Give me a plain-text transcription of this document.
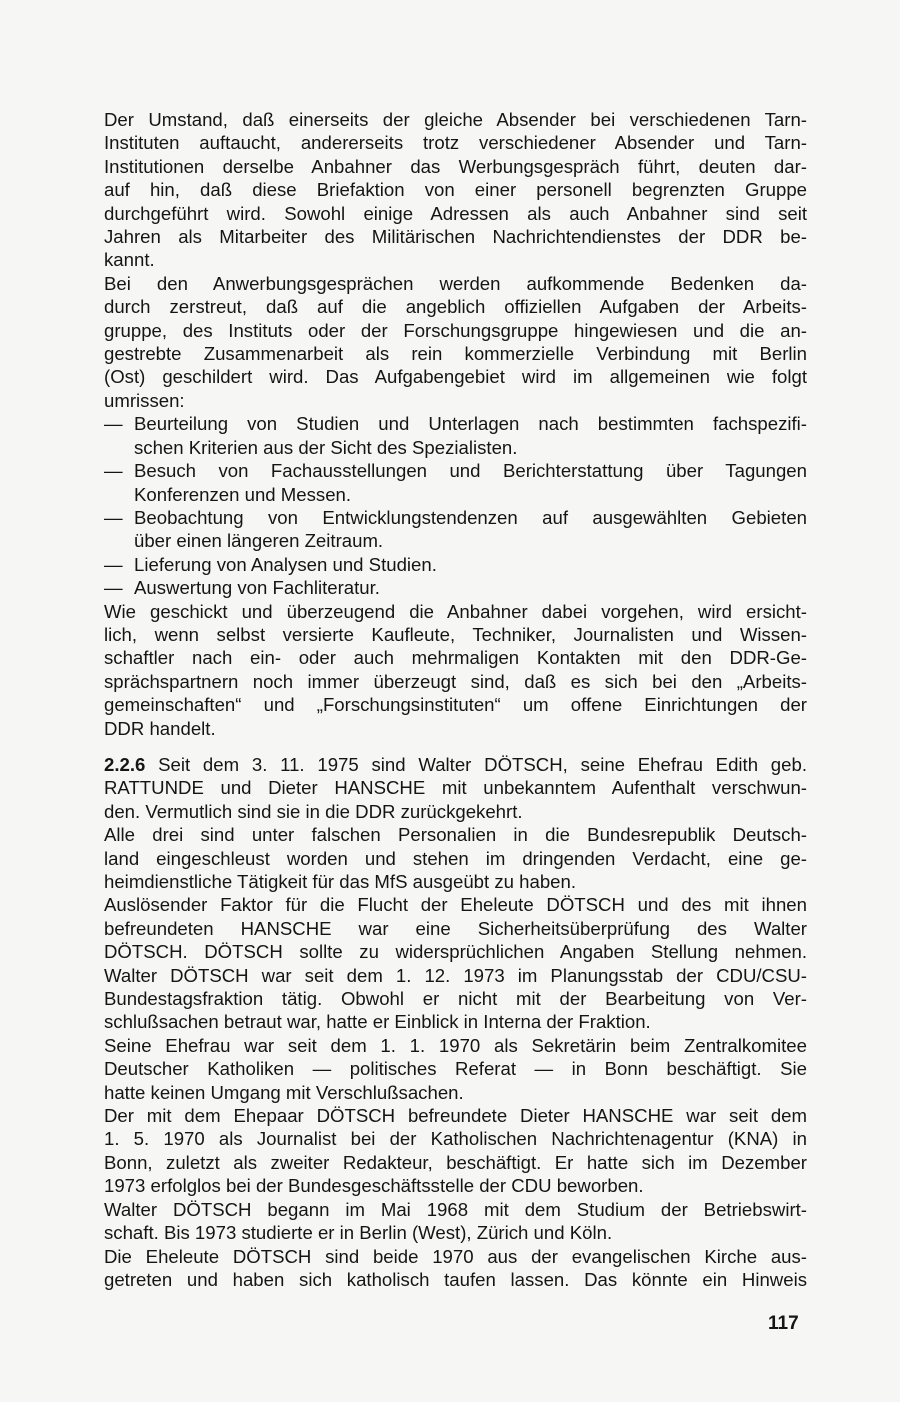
Der Umstand, daß einerseits der gleiche Absender bei verschiedenen Tarn-
Instituten auftaucht, andererseits trotz verschiedener Absender und Tarn-
Institutionen derselbe Anbahner das Werbungsgespräch führt, deuten dar-
auf hin, daß diese Briefaktion von einer personell begrenzten Gruppe
durchgeführt wird. Sowohl einige Adressen als auch Anbahner sind seit
Jahren als Mitarbeiter des Militärischen Nachrichtendienstes der DDR be-
kannt.
Bei den Anwerbungsgesprächen werden aufkommende Bedenken da-
durch zerstreut, daß auf die angeblich offiziellen Aufgaben der Arbeits-
gruppe, des Instituts oder der Forschungsgruppe hingewiesen und die an-
gestrebte Zusammenarbeit als rein kommerzielle Verbindung mit Berlin
(Ost) geschildert wird. Das Aufgabengebiet wird im allgemeinen wie folgt
umrissen:
— Beurteilung von Studien und Unterlagen nach bestimmten fachspezifi-
schen Kriterien aus der Sicht des Spezialisten.
— Besuch von Fachausstellungen und Berichterstattung über Tagungen
Konferenzen und Messen.
— Beobachtung von Entwicklungstendenzen auf ausgewählten Gebieten
über einen längeren Zeitraum.
— Lieferung von Analysen und Studien.
— Auswertung von Fachliteratur.
Wie geschickt und überzeugend die Anbahner dabei vorgehen, wird ersicht-
lich, wenn selbst versierte Kaufleute, Techniker, Journalisten und Wissen-
schaftler nach ein- oder auch mehrmaligen Kontakten mit den DDR-Ge-
sprächspartnern noch immer überzeugt sind, daß es sich bei den „Arbeits-
gemeinschaften“ und „Forschungsinstituten“ um offene Einrichtungen der
DDR handelt.
2.2.6 Seit dem 3. 11. 1975 sind Walter DÖTSCH, seine Ehefrau Edith geb.
RATTUNDE und Dieter HANSCHE mit unbekanntem Aufenthalt verschwun-
den. Vermutlich sind sie in die DDR zurückgekehrt.
Alle drei sind unter falschen Personalien in die Bundesrepublik Deutsch-
land eingeschleust worden und stehen im dringenden Verdacht, eine ge-
heimdienstliche Tätigkeit für das MfS ausgeübt zu haben.
Auslösender Faktor für die Flucht der Eheleute DÖTSCH und des mit ihnen
befreundeten HANSCHE war eine Sicherheitsüberprüfung des Walter
DÖTSCH. DÖTSCH sollte zu widersprüchlichen Angaben Stellung nehmen.
Walter DÖTSCH war seit dem 1. 12. 1973 im Planungsstab der CDU/CSU-
Bundestagsfraktion tätig. Obwohl er nicht mit der Bearbeitung von Ver-
schlußsachen betraut war, hatte er Einblick in Interna der Fraktion.
Seine Ehefrau war seit dem 1. 1. 1970 als Sekretärin beim Zentralkomitee
Deutscher Katholiken — politisches Referat — in Bonn beschäftigt. Sie
hatte keinen Umgang mit Verschlußsachen.
Der mit dem Ehepaar DÖTSCH befreundete Dieter HANSCHE war seit dem
1. 5. 1970 als Journalist bei der Katholischen Nachrichtenagentur (KNA) in
Bonn, zuletzt als zweiter Redakteur, beschäftigt. Er hatte sich im Dezember
1973 erfolglos bei der Bundesgeschäftsstelle der CDU beworben.
Walter DÖTSCH begann im Mai 1968 mit dem Studium der Betriebswirt-
schaft. Bis 1973 studierte er in Berlin (West), Zürich und Köln.
Die Eheleute DÖTSCH sind beide 1970 aus der evangelischen Kirche aus-
getreten und haben sich katholisch taufen lassen. Das könnte ein Hinweis
117
